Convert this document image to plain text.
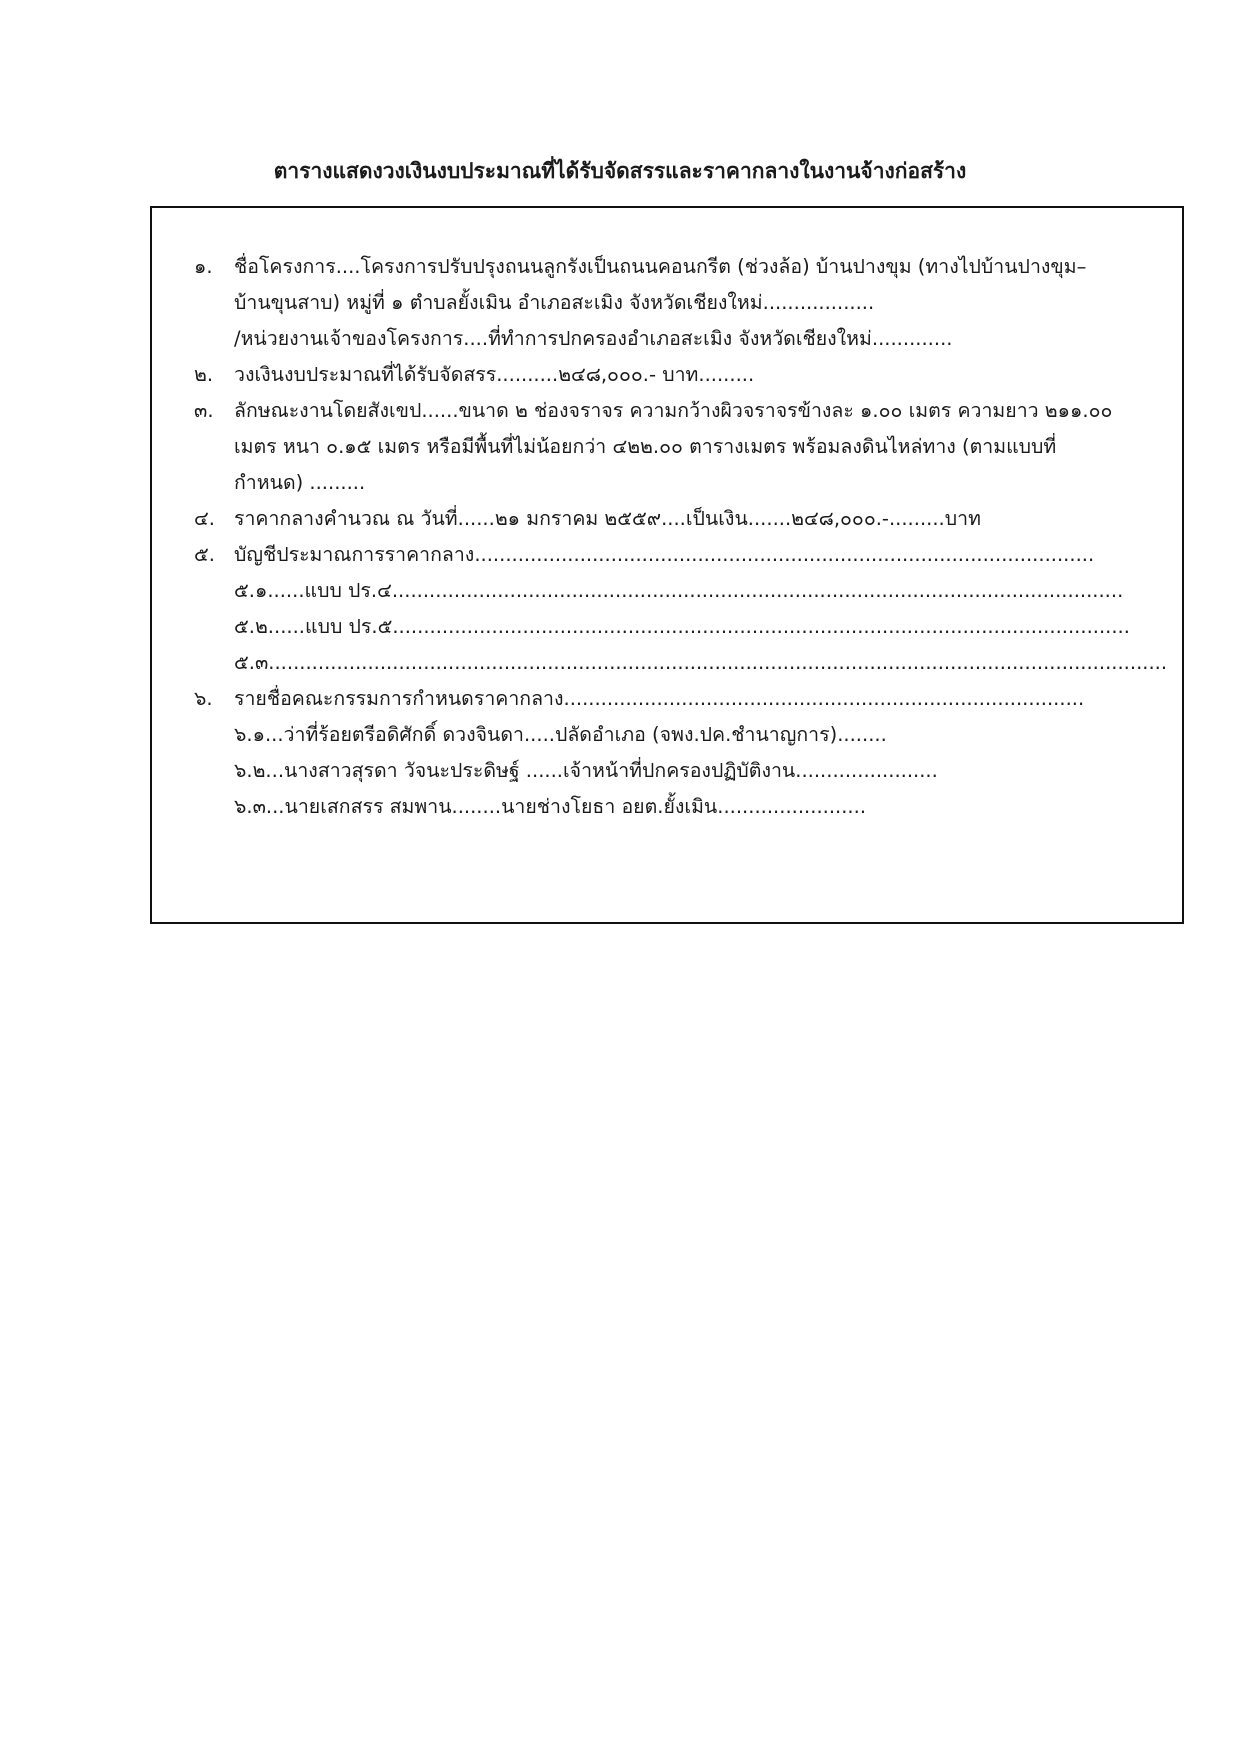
ตารางแสดงวงเงินงบประมาณที่ได้รับจัดสรรและราคากลางในงานจ้างก่อสร้าง
๑. ชื่อโครงการ....โครงการปรับปรุงถนนลูกรังเป็นถนนคอนกรีต (ช่วงล้อ) บ้านปางขุม (ทางไปบ้านปางขุม–
บ้านขุนสาบ) หมู่ที่ ๑ ตำบลยั้งเมิน อำเภอสะเมิง จังหวัดเชียงใหม่..................
/หน่วยงานเจ้าของโครงการ....ที่ทำการปกครองอำเภอสะเมิง จังหวัดเชียงใหม่.............
๒. วงเงินงบประมาณที่ได้รับจัดสรร..........๒๔๘,๐๐๐.- บาท.........
๓. ลักษณะงานโดยสังเขป......ขนาด ๒ ช่องจราจร ความกว้างผิวจราจรข้างละ ๑.๐๐ เมตร ความยาว ๒๑๑.๐๐
เมตร หนา ๐.๑๕ เมตร หรือมีพื้นที่ไม่น้อยกว่า ๔๒๒.๐๐ ตารางเมตร พร้อมลงดินไหล่ทาง (ตามแบบที่
กำหนด) .........
๔. ราคากลางคำนวณ ณ วันที่......๒๑ มกราคม ๒๕๕๙....เป็นเงิน.......๒๔๘,๐๐๐.-.........บาท
๕. บัญชีประมาณการราคากลาง....................................................................................................
๕.๑......แบบ ปร.๔......................................................................................................................
๕.๒......แบบ ปร.๕.......................................................................................................................
๕.๓.................................................................................................................................................
๖. รายชื่อคณะกรรมการกำหนดราคากลาง....................................................................................
๖.๑...ว่าที่ร้อยตรีอดิศักดิ์ ดวงจินดา.....ปลัดอำเภอ (จพง.ปค.ชำนาญการ)........
๖.๒...นางสาวสุรดา วัจนะประดิษฐ์ ......เจ้าหน้าที่ปกครองปฏิบัติงาน.......................
๖.๓...นายเสกสรร สมพาน........นายช่างโยธา อยต.ยั้งเมิน........................
